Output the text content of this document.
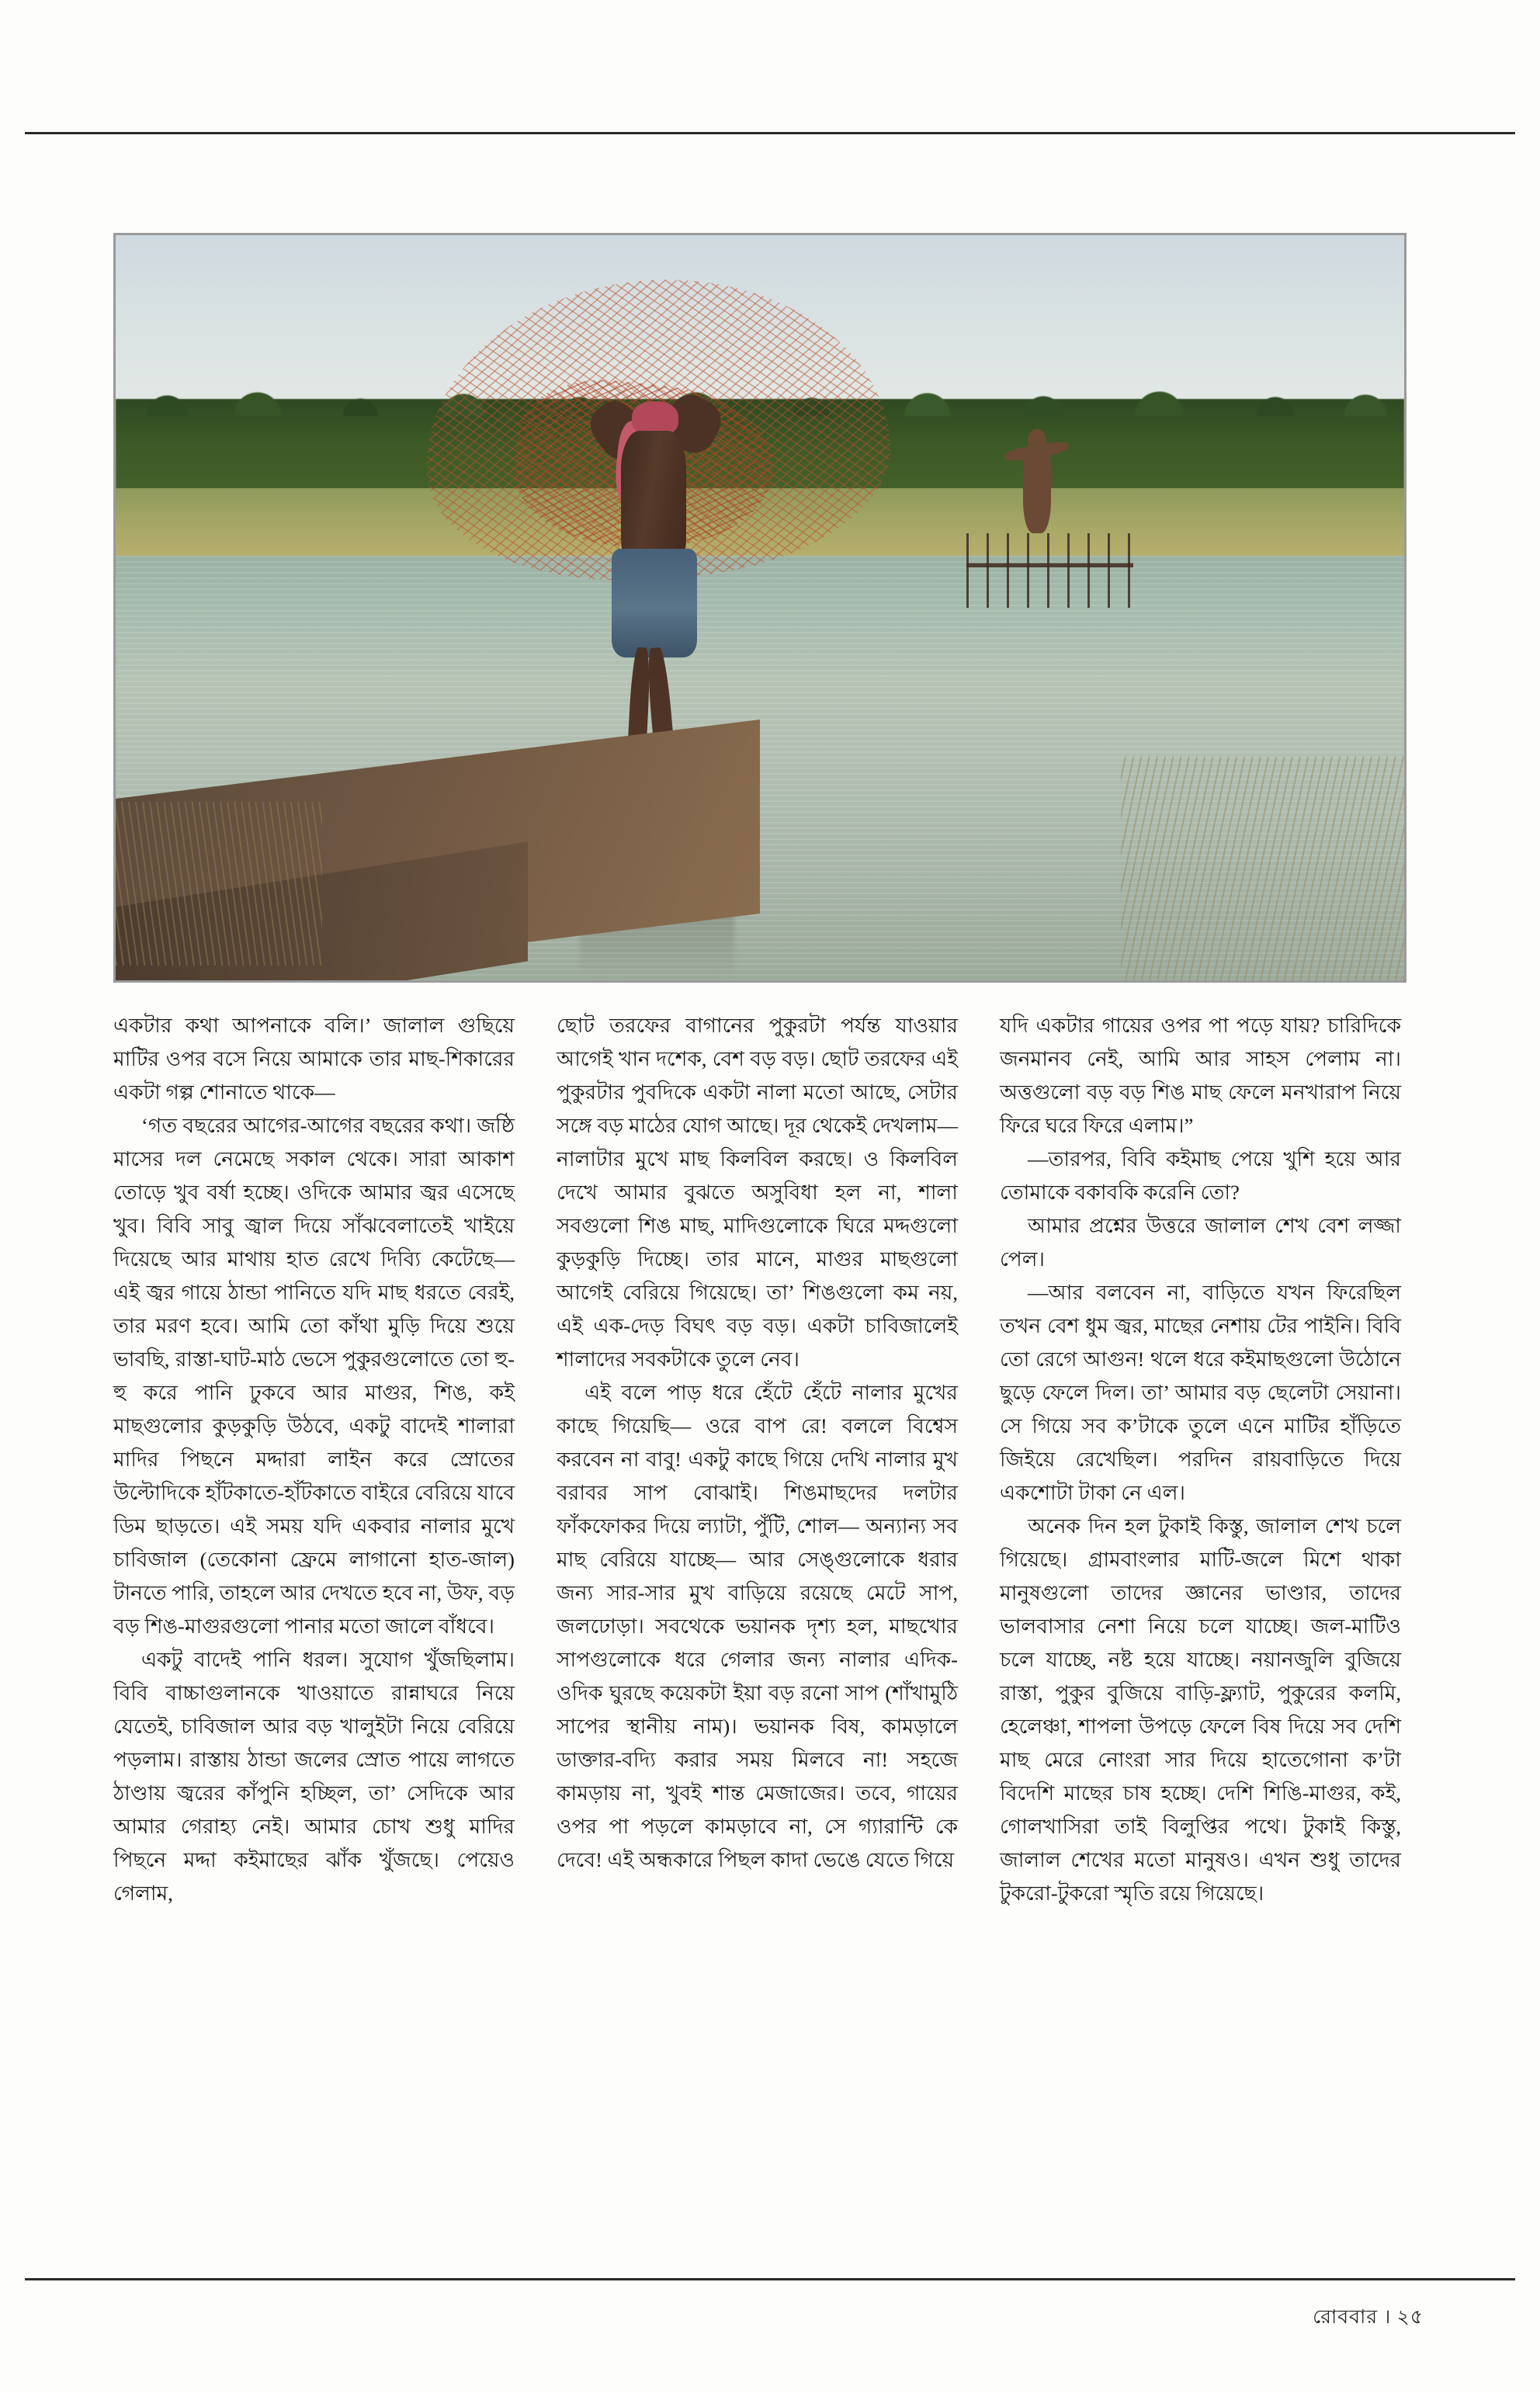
একটার কথা আপনাকে বলি।’ জালাল গুছিয়ে মাটির ওপর বসে নিয়ে আমাকে তার মাছ-শিকারের একটা গল্প শোনাতে থাকে—

‘গত বছরের আগের-আগের বছরের কথা। জষ্ঠি মাসের দল নেমেছে সকাল থেকে। সারা আকাশ তোড়ে খুব বর্ষা হচ্ছে। ওদিকে আমার জ্বর এসেছে খুব। বিবি সাবু জ্বাল দিয়ে সাঁঝবেলাতেই খাইয়ে দিয়েছে আর মাথায় হাত রেখে দিব্যি কেটেছে— এই জ্বর গায়ে ঠান্ডা পানিতে যদি মাছ ধরতে বেরই, তার মরণ হবে। আমি তো কাঁথা মুড়ি দিয়ে শুয়ে ভাবছি, রাস্তা-ঘাট-মাঠ ভেসে পুকুরগুলোতে তো হু-হু করে পানি ঢুকবে আর মাগুর, শিঙ, কই মাছগুলোর কুড়কুড়ি উঠবে, একটু বাদেই শালারা মাদির পিছনে মদ্দারা লাইন করে স্রোতের উল্টোদিকে হাঁটকাতে-হাঁটকাতে বাইরে বেরিয়ে যাবে ডিম ছাড়তে। এই সময় যদি একবার নালার মুখে চাবিজাল (তেকোনা ফ্রেমে লাগানো হাত-জাল) টানতে পারি, তাহলে আর দেখতে হবে না, উফ, বড় বড় শিঙ-মাগুরগুলো পানার মতো জালে বাঁধবে।

একটু বাদেই পানি ধরল। সুযোগ খুঁজছিলাম। বিবি বাচ্চাগুলানকে খাওয়াতে রান্নাঘরে নিয়ে যেতেই, চাবিজাল আর বড় খালুইটা নিয়ে বেরিয়ে পড়লাম। রাস্তায় ঠান্ডা জলের স্রোত পায়ে লাগতে ঠাণ্ডায় জ্বরের কাঁপুনি হচ্ছিল, তা’ সেদিকে আর আমার গেরাহ্য নেই। আমার চোখ শুধু মাদির পিছনে মদ্দা কইমাছের ঝাঁক খুঁজছে। পেয়েও গেলাম,

ছোট তরফের বাগানের পুকুরটা পর্যন্ত যাওয়ার আগেই খান দশেক, বেশ বড় বড়। ছোট তরফের এই পুকুরটার পুবদিকে একটা নালা মতো আছে, সেটার সঙ্গে বড় মাঠের যোগ আছে। দূর থেকেই দেখলাম— নালাটার মুখে মাছ কিলবিল করছে। ও কিলবিল দেখে আমার বুঝতে অসুবিধা হল না, শালা সবগুলো শিঙ মাছ, মাদিগুলোকে ঘিরে মদ্দগুলো কুড়কুড়ি দিচ্ছে। তার মানে, মাগুর মাছগুলো আগেই বেরিয়ে গিয়েছে। তা’ শিঙগুলো কম নয়, এই এক-দেড় বিঘৎ বড় বড়। একটা চাবিজালেই শালাদের সবকটাকে তুলে নেব।

এই বলে পাড় ধরে হেঁটে হেঁটে নালার মুখের কাছে গিয়েছি— ওরে বাপ রে! বললে বিশ্বেস করবেন না বাবু! একটু কাছে গিয়ে দেখি নালার মুখ বরাবর সাপ বোঝাই। শিঙমাছদের দলটার ফাঁকফোকর দিয়ে ল্যাটা, পুঁটি, শোল— অন্যান্য সব মাছ বেরিয়ে যাচ্ছে— আর সেঙ্গুলোকে ধরার জন্য সার-সার মুখ বাড়িয়ে রয়েছে মেটে সাপ, জলঢোড়া। সবথেকে ভয়ানক দৃশ্য হল, মাছখোর সাপগুলোকে ধরে গেলার জন্য নালার এদিক-ওদিক ঘুরছে কয়েকটা ইয়া বড় রনো সাপ (শাঁখামুঠি সাপের স্থানীয় নাম)। ভয়ানক বিষ, কামড়ালে ডাক্তার-বদ্যি করার সময় মিলবে না! সহজে কামড়ায় না, খুবই শান্ত মেজাজের। তবে, গায়ের ওপর পা পড়লে কামড়াবে না, সে গ্যারান্টি কে দেবে! এই অন্ধকারে পিছল কাদা ভেঙে যেতে গিয়ে

যদি একটার গায়ের ওপর পা পড়ে যায়? চারিদিকে জনমানব নেই, আমি আর সাহস পেলাম না। অত্তগুলো বড় বড় শিঙ মাছ ফেলে মনখারাপ নিয়ে ফিরে ঘরে ফিরে এলাম।”

—তারপর, বিবি কইমাছ পেয়ে খুশি হয়ে আর তোমাকে বকাবকি করেনি তো?

আমার প্রশ্নের উত্তরে জালাল শেখ বেশ লজ্জা পেল।

—আর বলবেন না, বাড়িতে যখন ফিরেছিল তখন বেশ ধুম জ্বর, মাছের নেশায় টের পাইনি। বিবি তো রেগে আগুন! থলে ধরে কইমাছগুলো উঠোনে ছুড়ে ফেলে দিল। তা’ আমার বড় ছেলেটা সেয়ানা। সে গিয়ে সব ক’টাকে তুলে এনে মাটির হাঁড়িতে জিইয়ে রেখেছিল। পরদিন রায়বাড়িতে দিয়ে একশোটা টাকা নে এল।

অনেক দিন হল টুকাই কিস্তু, জালাল শেখ চলে গিয়েছে। গ্রামবাংলার মাটি-জলে মিশে থাকা মানুষগুলো তাদের জ্ঞানের ভাণ্ডার, তাদের ভালবাসার নেশা নিয়ে চলে যাচ্ছে। জল-মাটিও চলে যাচ্ছে, নষ্ট হয়ে যাচ্ছে। নয়ানজুলি বুজিয়ে রাস্তা, পুকুর বুজিয়ে বাড়ি-ফ্ল্যাট, পুকুরের কলমি, হেলেঞ্চা, শাপলা উপড়ে ফেলে বিষ দিয়ে সব দেশি মাছ মেরে নোংরা সার দিয়ে হাতেগোনা ক’টা বিদেশি মাছের চাষ হচ্ছে। দেশি শিঙি-মাগুর, কই, গোলখাসিরা তাই বিলুপ্তির পথে। টুকাই কিস্তু, জালাল শেখের মতো মানুষও। এখন শুধু তাদের টুকরো-টুকরো স্মৃতি রয়ে গিয়েছে।

রোববার । ২৫
